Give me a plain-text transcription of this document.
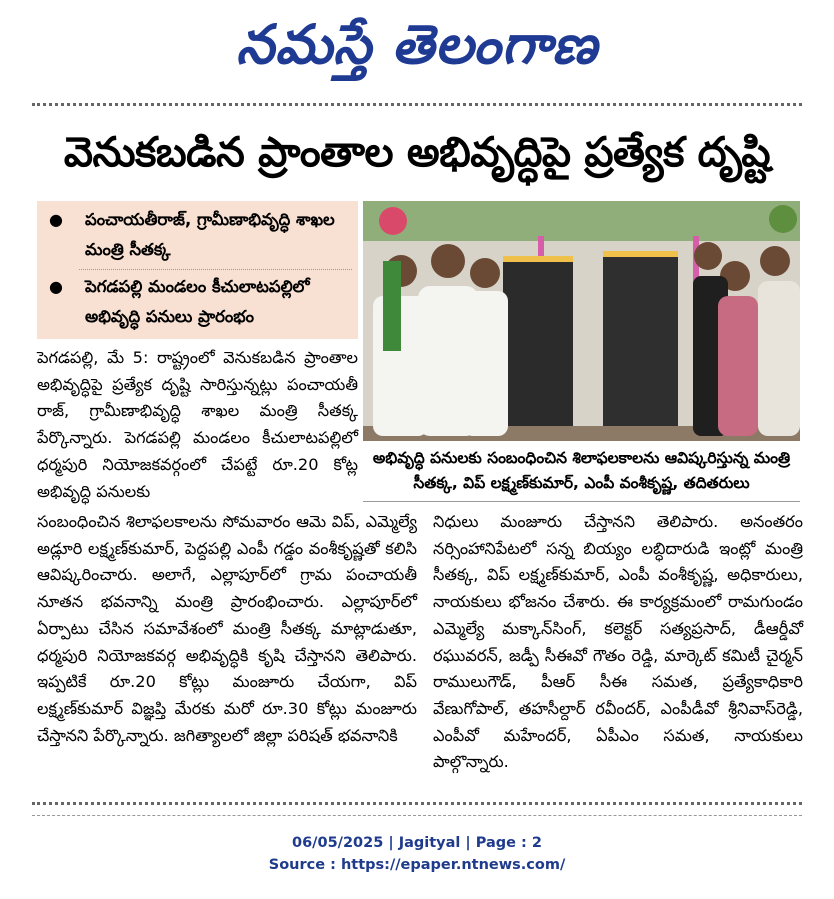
నమస్తే తెలంగాణ
వెనుకబడిన ప్రాంతాల అభివృద్ధిపై ప్రత్యేక దృష్టి
● పంచాయతీరాజ్, గ్రామీణాభివృద్ధి శాఖల మంత్రి సీతక్క
● పెగడపల్లి మండలం కీచులాటపల్లిలో అభివృద్ధి పనులు ప్రారంభం
అభివృద్ధి పనులకు సంబంధించిన శిలాఫలకాలను ఆవిష్కరిస్తున్న మంత్రి సీతక్క, విప్ లక్ష్మణ్‌కుమార్, ఎంపీ వంశీకృష్ణ, తదితరులు

పెగడపల్లి, మే 5: రాష్ట్రంలో వెనుకబడిన ప్రాంతాల అభివృద్ధిపై ప్రత్యేక దృష్టి సారిస్తున్నట్లు పంచాయతీ రాజ్, గ్రామీణాభివృద్ధి శాఖల మంత్రి సీతక్క పేర్కొన్నారు. పెగడపల్లి మండలం కీచులాటపల్లిలో ధర్మపురి నియోజకవర్గంలో చేపట్టే రూ.20 కోట్ల అభివృద్ధి పనులకు

సంబంధించిన శిలాఫలకాలను సోమవారం ఆమె విప్, ఎమ్మెల్యే అడ్లూరి లక్ష్మణ్‌కుమార్, పెద్దపల్లి ఎంపీ గడ్డం వంశీకృష్ణతో కలిసి ఆవిష్కరించారు. అలాగే, ఎల్లాపూర్‌లో గ్రామ పంచాయతీ నూతన భవనాన్ని మంత్రి ప్రారంభించారు. ఎల్లాపూర్‌లో ఏర్పాటు చేసిన సమావేశంలో మంత్రి సీతక్క మాట్లాడుతూ, ధర్మపురి నియోజకవర్గ అభివృద్ధికి కృషి చేస్తానని తెలిపారు. ఇప్పటికే రూ.20 కోట్లు మంజూరు చేయగా, విప్ లక్ష్మణ్‌కుమార్ విజ్ఞప్తి మేరకు మరో రూ.30 కోట్లు మంజూరు చేస్తానని పేర్కొన్నారు. జగిత్యాలలో జిల్లా పరిషత్ భవనానికి

నిధులు మంజూరు చేస్తానని తెలిపారు. అనంతరం నర్సింహానిపేటలో సన్న బియ్యం లబ్ధిదారుడి ఇంట్లో మంత్రి సీతక్క, విప్ లక్ష్మణ్‌కుమార్, ఎంపీ వంశీకృష్ణ, అధికారులు, నాయకులు భోజనం చేశారు. ఈ కార్యక్రమంలో రామగుండం ఎమ్మెల్యే మక్కాన్‌సింగ్, కలెక్టర్ సత్యప్రసాద్, డీఆర్డీవో రఘువరన్, జడ్పీ సీఈవో గౌతం రెడ్డి, మార్కెట్ కమిటీ చైర్మన్ రాములుగౌడ్, పీఆర్ సీఈ సమత, ప్రత్యేకాధికారి వేణుగోపాల్, తహసీల్దార్ రవీందర్, ఎంపీడీవో శ్రీనివాస్‌రెడ్డి, ఎంపీవో మహేందర్, ఏపీఎం సమత, నాయకులు పాల్గొన్నారు.

06/05/2025 | Jagityal | Page : 2
Source : https://epaper.ntnews.com/
